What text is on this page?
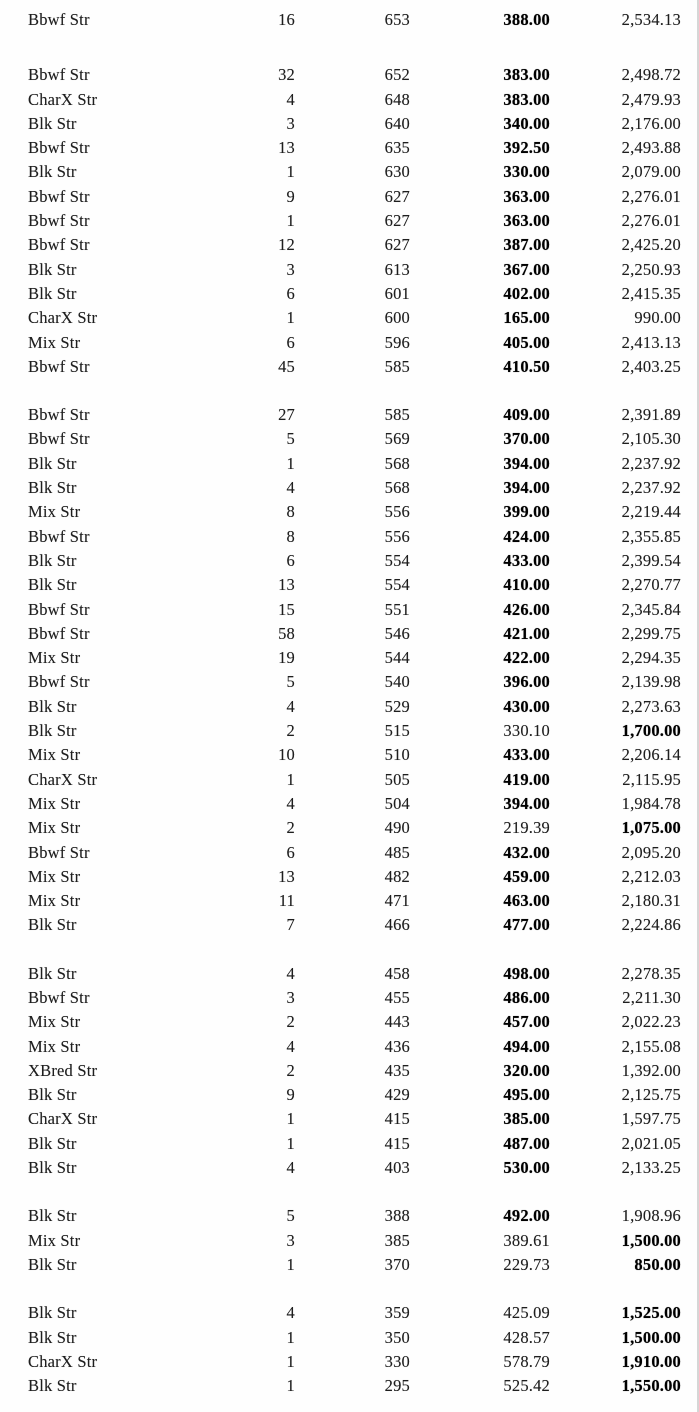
Bbwf Str	16	653	388.00	2,534.13
Bbwf Str	32	652	383.00	2,498.72
CharX Str	4	648	383.00	2,479.93
Blk Str	3	640	340.00	2,176.00
Bbwf Str	13	635	392.50	2,493.88
Blk Str	1	630	330.00	2,079.00
Bbwf Str	9	627	363.00	2,276.01
Bbwf Str	1	627	363.00	2,276.01
Bbwf Str	12	627	387.00	2,425.20
Blk Str	3	613	367.00	2,250.93
Blk Str	6	601	402.00	2,415.35
CharX Str	1	600	165.00	990.00
Mix Str	6	596	405.00	2,413.13
Bbwf Str	45	585	410.50	2,403.25
Bbwf Str	27	585	409.00	2,391.89
Bbwf Str	5	569	370.00	2,105.30
Blk Str	1	568	394.00	2,237.92
Blk Str	4	568	394.00	2,237.92
Mix Str	8	556	399.00	2,219.44
Bbwf Str	8	556	424.00	2,355.85
Blk Str	6	554	433.00	2,399.54
Blk Str	13	554	410.00	2,270.77
Bbwf Str	15	551	426.00	2,345.84
Bbwf Str	58	546	421.00	2,299.75
Mix Str	19	544	422.00	2,294.35
Bbwf Str	5	540	396.00	2,139.98
Blk Str	4	529	430.00	2,273.63
Blk Str	2	515	330.10	1,700.00
Mix Str	10	510	433.00	2,206.14
CharX Str	1	505	419.00	2,115.95
Mix Str	4	504	394.00	1,984.78
Mix Str	2	490	219.39	1,075.00
Bbwf Str	6	485	432.00	2,095.20
Mix Str	13	482	459.00	2,212.03
Mix Str	11	471	463.00	2,180.31
Blk Str	7	466	477.00	2,224.86
Blk Str	4	458	498.00	2,278.35
Bbwf Str	3	455	486.00	2,211.30
Mix Str	2	443	457.00	2,022.23
Mix Str	4	436	494.00	2,155.08
XBred Str	2	435	320.00	1,392.00
Blk Str	9	429	495.00	2,125.75
CharX Str	1	415	385.00	1,597.75
Blk Str	1	415	487.00	2,021.05
Blk Str	4	403	530.00	2,133.25
Blk Str	5	388	492.00	1,908.96
Mix Str	3	385	389.61	1,500.00
Blk Str	1	370	229.73	850.00
Blk Str	4	359	425.09	1,525.00
Blk Str	1	350	428.57	1,500.00
CharX Str	1	330	578.79	1,910.00
Blk Str	1	295	525.42	1,550.00
